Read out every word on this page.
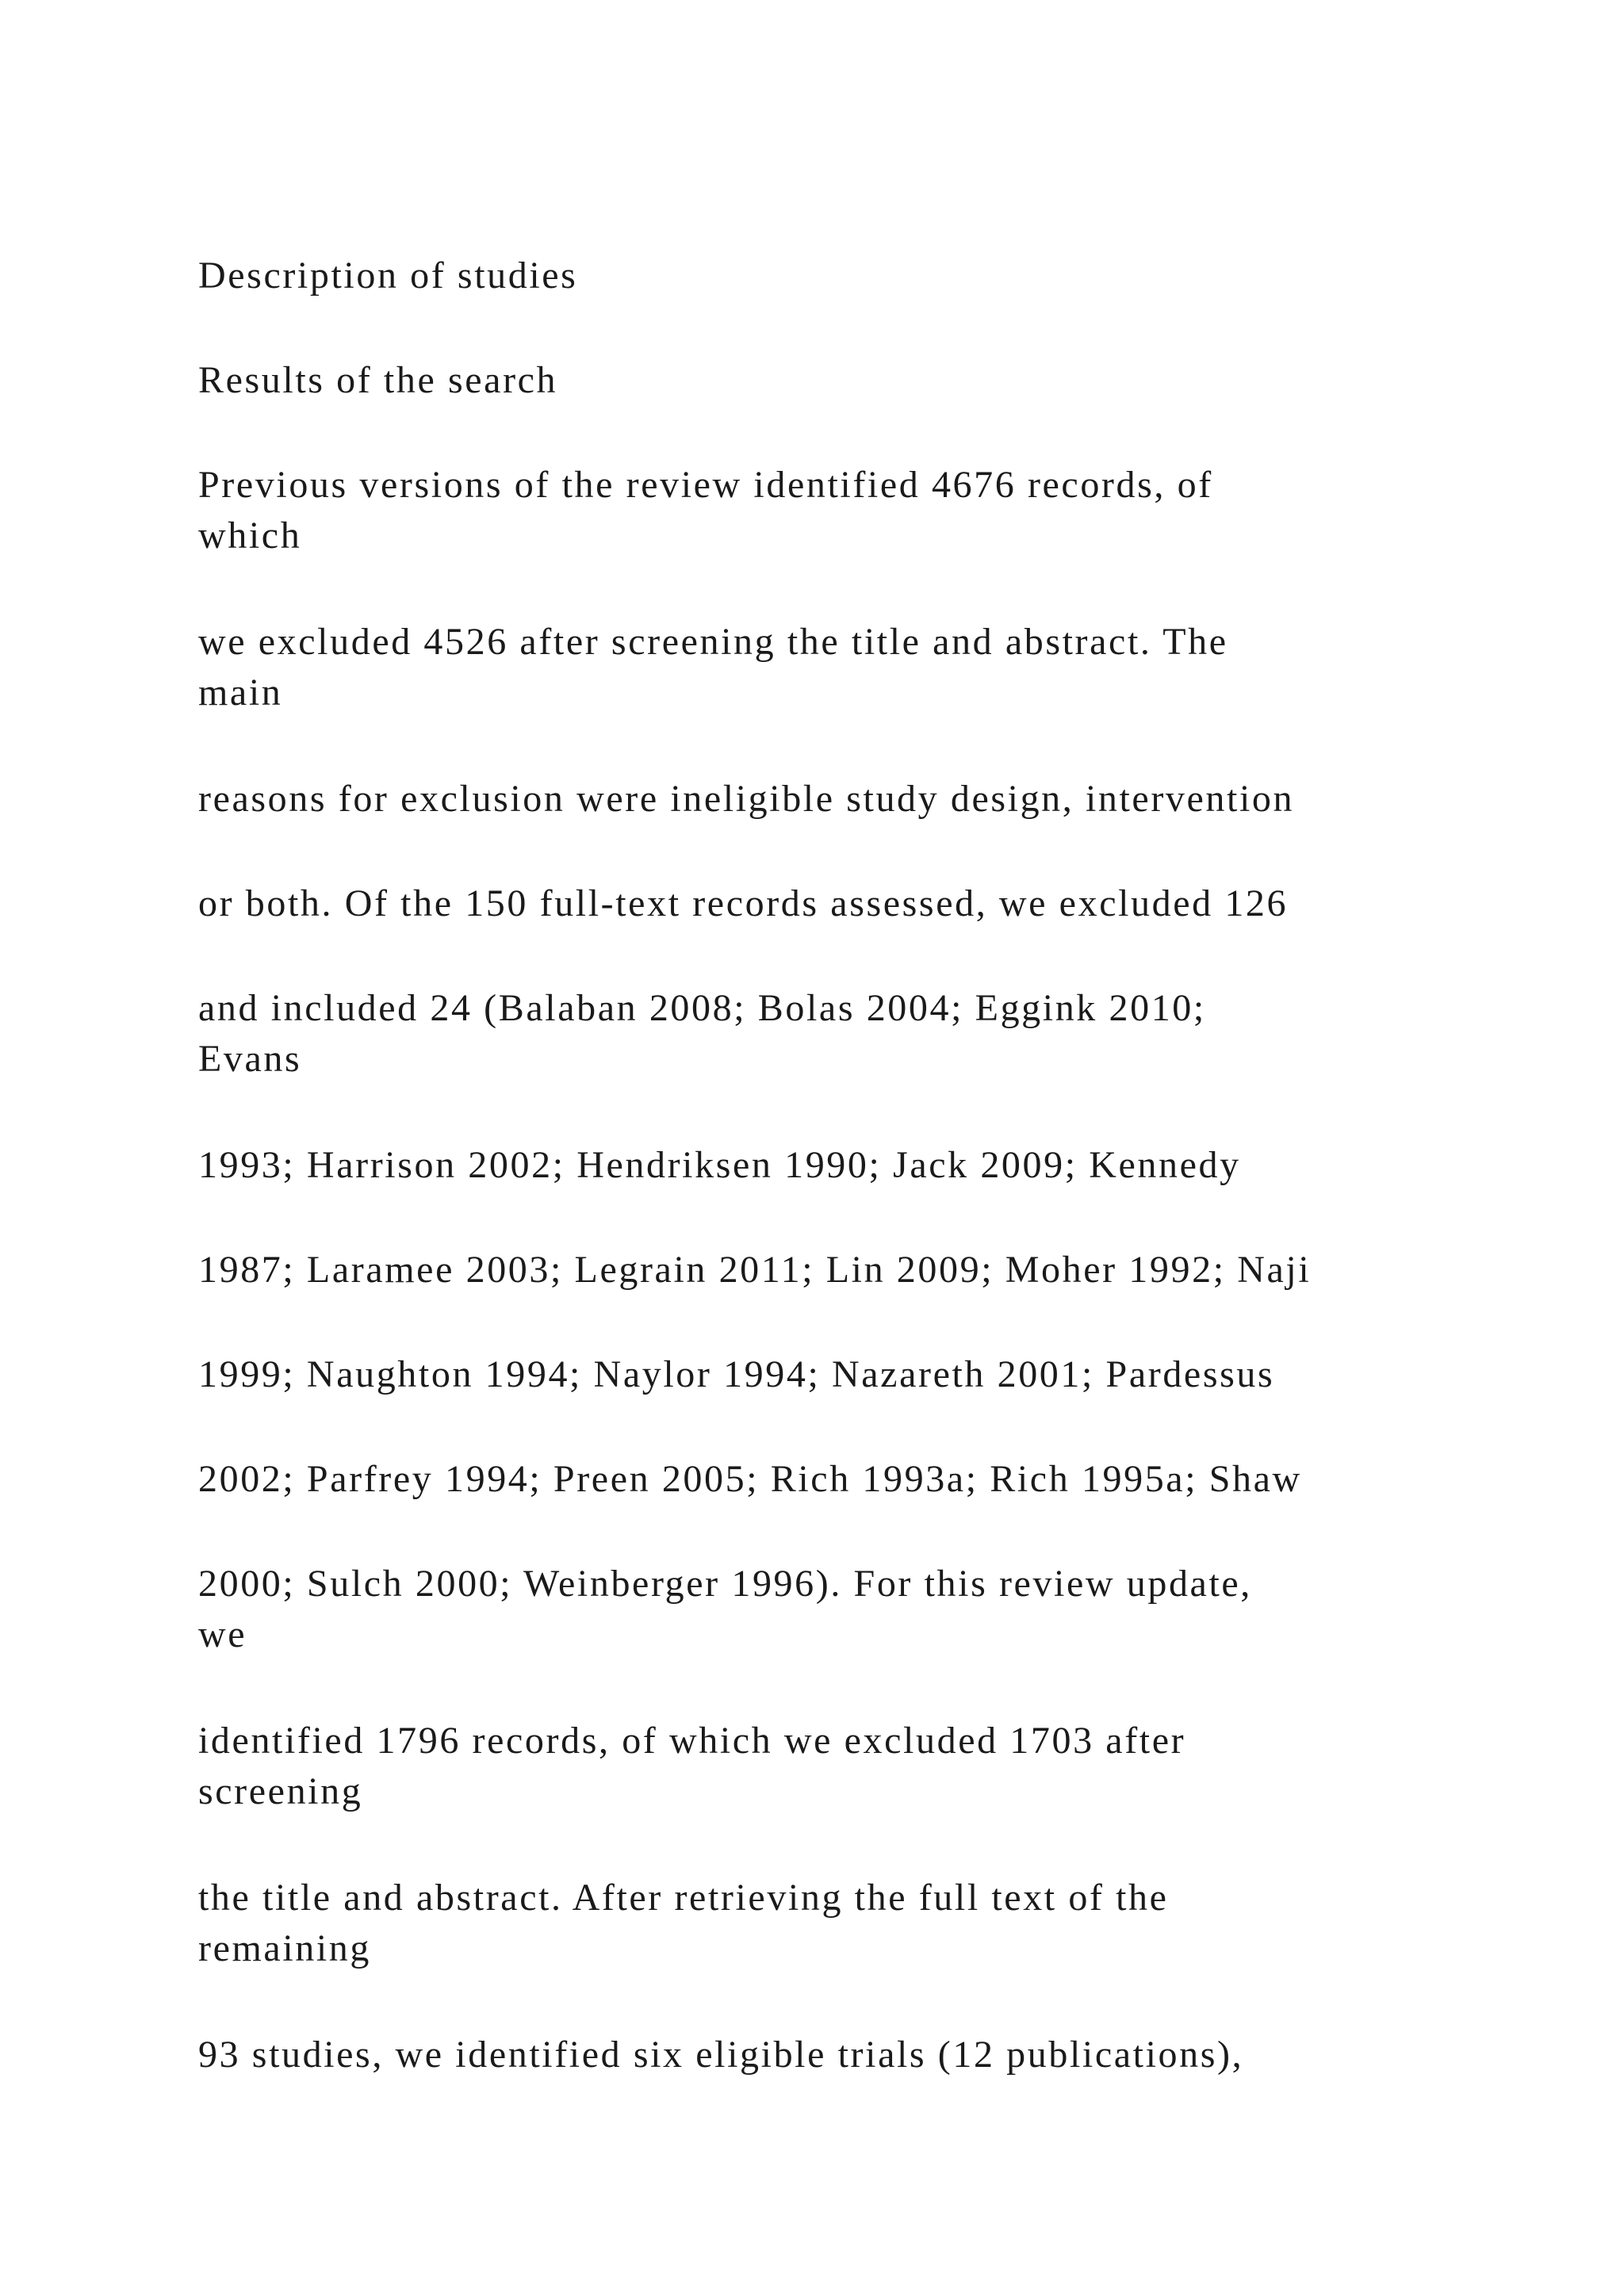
Description of studies

Results of the search

Previous versions of the review identified 4676 records, of

which

we excluded 4526 after screening the title and abstract. The

main

reasons for exclusion were ineligible study design, intervention

or both. Of the 150 full-text records assessed, we excluded 126

and included 24 (Balaban 2008; Bolas 2004; Eggink 2010;

Evans

1993; Harrison 2002; Hendriksen 1990; Jack 2009; Kennedy

1987; Laramee 2003; Legrain 2011; Lin 2009; Moher 1992; Naji

1999; Naughton 1994; Naylor 1994; Nazareth 2001; Pardessus

2002; Parfrey 1994; Preen 2005; Rich 1993a; Rich 1995a; Shaw

2000; Sulch 2000; Weinberger 1996). For this review update,

we

identified 1796 records, of which we excluded 1703 after

screening

the title and abstract. After retrieving the full text of the

remaining

93 studies, we identified six eligible trials (12 publications),
